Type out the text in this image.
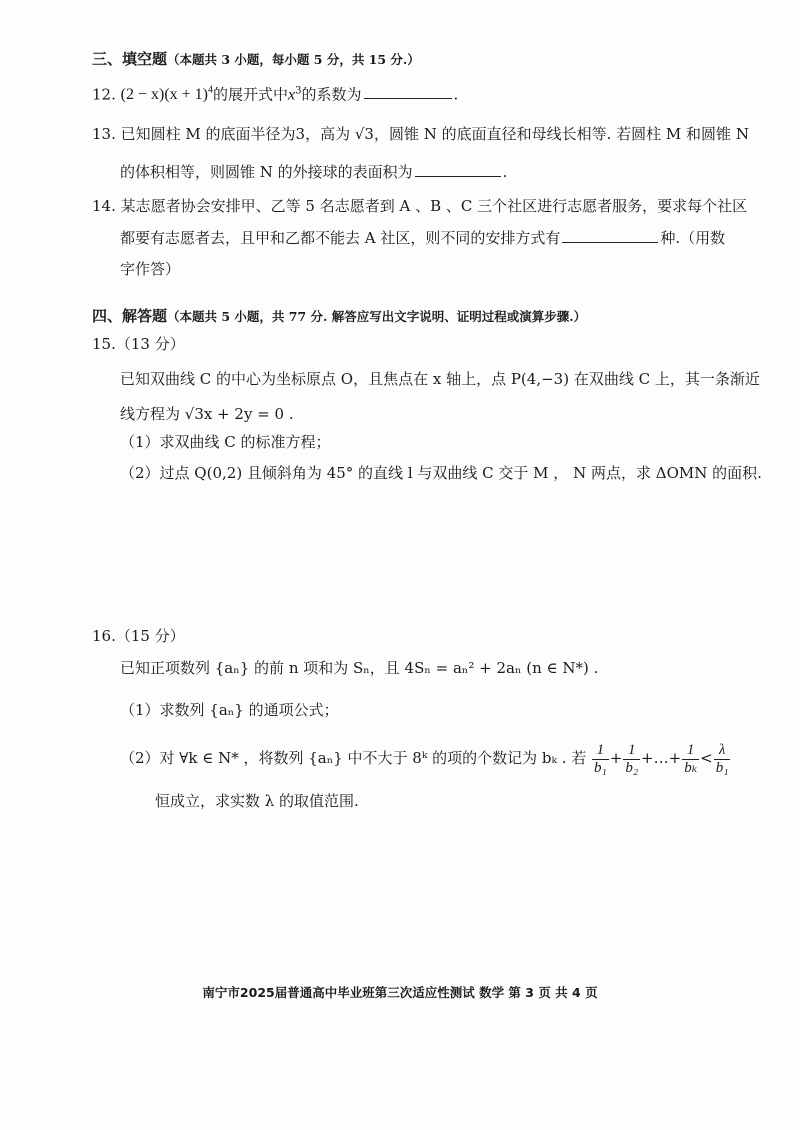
三、填空题（本题共 3 小题，每小题 5 分，共 15 分.）
12. $(2 - x)(x + 1)^4$的展开式中$x^3$的系数为	.
13. 已知圆柱 M 的底面半径为3，高为 √3，圆锥 N 的底面直径和母线长相等. 若圆柱 M 和圆锥 N
的体积相等，则圆锥 N 的外接球的表面积为	.
14. 某志愿者协会安排甲、乙等 5 名志愿者到 A 、B 、C 三个社区进行志愿者服务，要求每个社区
都要有志愿者去，且甲和乙都不能去 A 社区，则不同的安排方式有	种.（用数
字作答）
四、解答题（本题共 5 小题，共 77 分. 解答应写出文字说明、证明过程或演算步骤.）
15.（13 分）
已知双曲线 C 的中心为坐标原点 O，且焦点在 x 轴上，点 P(4,−3) 在双曲线 C 上，其一条渐近
线方程为 √3x + 2y = 0 .
（1）求双曲线 C 的标准方程；
（2）过点 Q(0,2) 且倾斜角为 45° 的直线 l 与双曲线 C 交于 M ， N 两点，求 ΔOMN 的面积.
16.（15 分）
已知正项数列 {aₙ} 的前 n 项和为 Sₙ，且 4Sₙ = aₙ² + 2aₙ (n ∈ N*) .
（1）求数列 {aₙ} 的通项公式；
（2）对 ∀k ∈ N* ，将数列 {aₙ} 中不大于 8ᵏ 的项的个数记为 bₖ . 若 $\frac{1}{\text{b₁}} + \frac{1}{\text{b₂}}$ +…+ $\frac{1}{\text{bₖ}} < \frac{\lambda}{\text{b₁}}$
恒成立，求实数 λ 的取值范围.
南宁市2025届普通高中毕业班第三次适应性测试 数学 第 3 页 共 4 页
